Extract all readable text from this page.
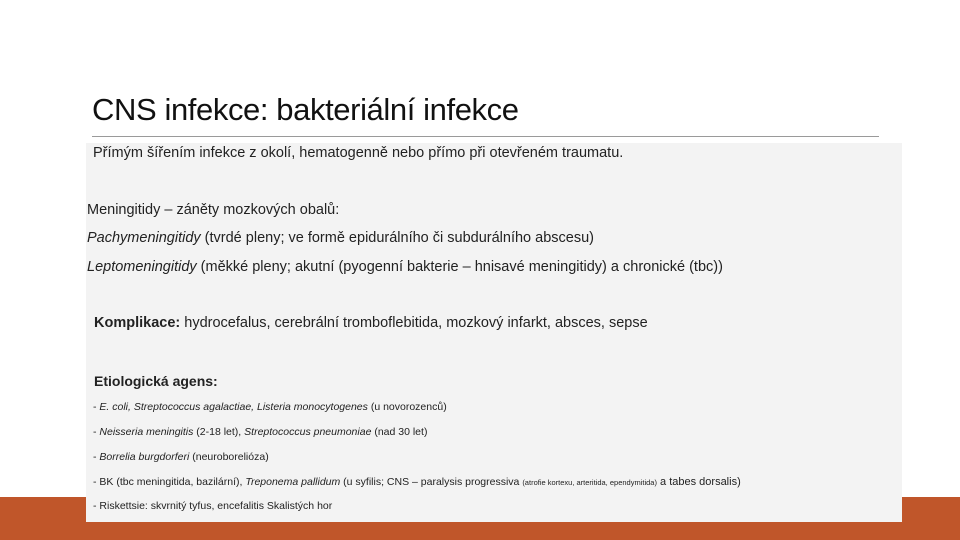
CNS infekce: bakteriální infekce
Přímým šířením infekce z okolí, hematogenně nebo přímo při otevřeném traumatu.
Meningitidy – záněty mozkových obalů:
Pachymeningitidy (tvrdé pleny; ve formě epidurálního či subdurálního abscesu)
Leptomeningitidy (měkké pleny; akutní (pyogenní bakterie – hnisavé meningitidy) a chronické (tbc))
Komplikace: hydrocefalus, cerebrální tromboflebitida, mozkový infarkt, absces, sepse
Etiologická agens:
- E. coli, Streptococcus agalactiae, Listeria monocytogenes (u novorozenců)
- Neisseria meningitis (2-18 let), Streptococcus pneumoniae (nad 30 let)
- Borrelia burgdorferi (neuroborelióza)
- BK (tbc meningitida, bazilární), Treponema pallidum (u syfilis; CNS – paralysis progressiva (atrofie kortexu, arteritida, ependymitida) a tabes dorsalis)
- Riskettsie: skvrnitý tyfus, encefalitis Skalistých hor
